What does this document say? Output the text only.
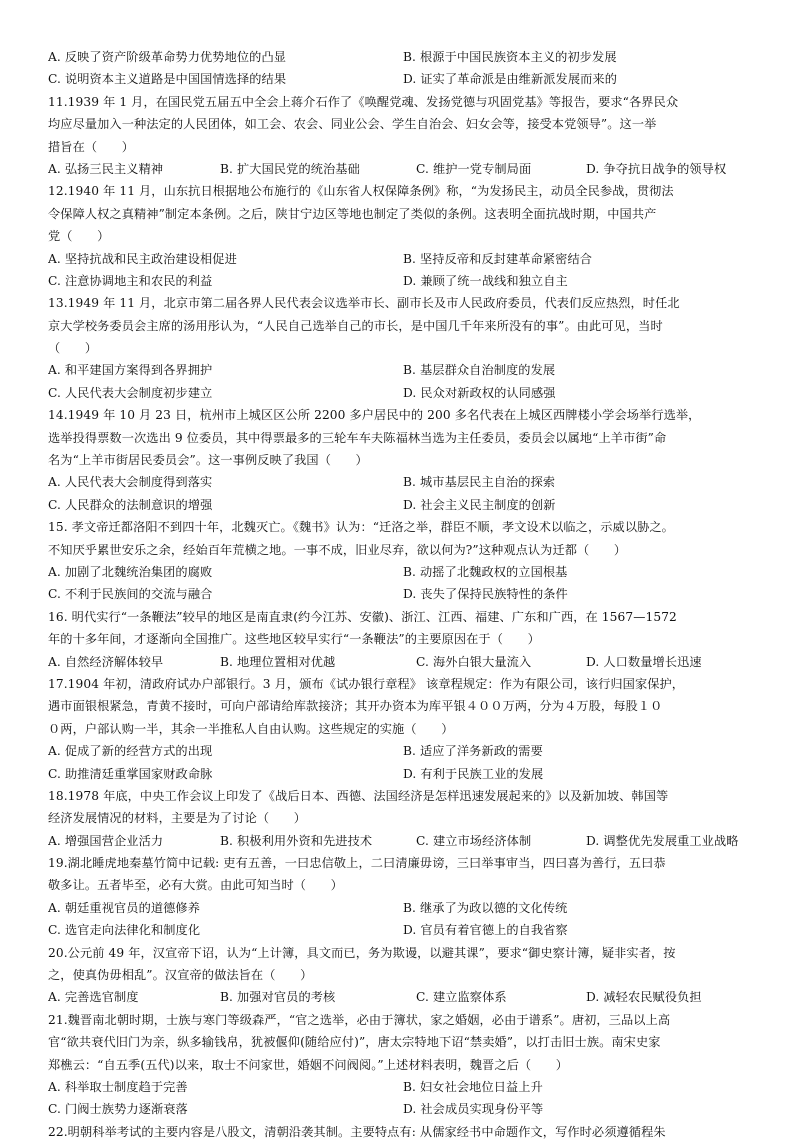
A. 反映了资产阶级革命势力优势地位的凸显	B. 根源于中国民族资本主义的初步发展
C. 说明资本主义道路是中国国情选择的结果	D. 证实了革命派是由维新派发展而来的
11.1939 年 1 月，在国民党五届五中全会上蒋介石作了《唤醒党魂、发扬党德与巩固党基》等报告，要求“各界民众
均应尽量加入一种法定的人民团体，如工会、农会、同业公会、学生自治会、妇女会等，接受本党领导”。这一举
措旨在（　　）
A. 弘扬三民主义精神	B. 扩大国民党的统治基础	C. 维护一党专制局面	D. 争夺抗日战争的领导权
12.1940 年 11 月，山东抗日根据地公布施行的《山东省人权保障条例》称，“为发扬民主，动员全民参战，贯彻法
令保障人权之真精神”制定本条例。之后，陕甘宁边区等地也制定了类似的条例。这表明全面抗战时期，中国共产
党（　　）
A. 坚持抗战和民主政治建设相促进	B. 坚持反帝和反封建革命紧密结合
C. 注意协调地主和农民的利益	D. 兼顾了统一战线和独立自主
13.1949 年 11 月，北京市第二届各界人民代表会议选举市长、副市长及市人民政府委员，代表们反应热烈，时任北
京大学校务委员会主席的汤用彤认为，“人民自己选举自己的市长，是中国几千年来所没有的事”。由此可见，当时
（　　）
A. 和平建国方案得到各界拥护	B. 基层群众自治制度的发展
C. 人民代表大会制度初步建立	D. 民众对新政权的认同感强
14.1949 年 10 月 23 日，杭州市上城区区公所 2200 多户居民中的 200 多名代表在上城区西牌楼小学会场举行选举，
选举投得票数一次选出 9 位委员，其中得票最多的三轮车车夫陈福林当选为主任委员，委员会以属地“上羊市街”命
名为“上羊市街居民委员会”。这一事例反映了我国（　　）
A. 人民代表大会制度得到落实	B. 城市基层民主自治的探索
C. 人民群众的法制意识的增强	D. 社会主义民主制度的创新
15. 孝文帝迁都洛阳不到四十年，北魏灭亡。《魏书》认为：“迁洛之举，群臣不顺，孝文设术以临之，示威以胁之。
不知厌乎累世安乐之余，经始百年荒横之地。一事不成，旧业尽弃，欲以何为?”这种观点认为迁都（　　）
A. 加剧了北魏统治集团的腐败	B. 动摇了北魏政权的立国根基
C. 不利于民族间的交流与融合	D. 丧失了保持民族特性的条件
16. 明代实行“一条鞭法”较早的地区是南直隶(约今江苏、安徽)、浙江、江西、福建、广东和广西，在 1567—1572
年的十多年间，才逐渐向全国推广。这些地区较早实行“一条鞭法”的主要原因在于（　　）
A. 自然经济解体较早	B. 地理位置相对优越	C. 海外白银大量流入	D. 人口数量增长迅速
17.1904 年初，清政府试办户部银行。3 月，颁布《试办银行章程》 该章程规定：作为有限公司，该行归国家保护，
遇市面银根紧急，青黄不接时，可向户部请给库款接济；其开办资本为库平银４００万两，分为４万股，每股１０
０两，户部认购一半，其余一半推私人自由认购。这些规定的实施（　　）
A. 促成了新的经营方式的出现	B. 适应了洋务新政的需要
C. 助推清廷重掌国家财政命脉	D. 有利于民族工业的发展
18.1978 年底，中央工作会议上印发了《战后日本、西德、法国经济是怎样迅速发展起来的》以及新加坡、韩国等
经济发展情况的材料，主要是为了讨论（　　）
A. 增强国营企业活力	B. 积极利用外资和先进技术	C. 建立市场经济体制	D. 调整优先发展重工业战略
19.湖北睡虎地秦墓竹简中记载: 吏有五善，一曰忠信敬上，二曰清廉毋谤，三曰举事审当，四曰喜为善行，五曰恭
敬多让。五者毕至，必有大赏。由此可知当时（　　）
A. 朝廷重视官员的道德修养	B. 继承了为政以德的文化传统
C. 选官走向法律化和制度化	D. 官员有着官德上的自我省察
20.公元前 49 年，汉宣帝下诏，认为“上计簿，具文而已，务为欺谩，以避其课”，要求“御史察计簿，疑非实者，按
之，使真伪毋相乱”。汉宣帝的做法旨在（　　）
A. 完善选官制度	B. 加强对官员的考核	C. 建立监察体系	D. 减轻农民赋役负担
21.魏晋南北朝时期，士族与寒门等级森严，“官之选举，必由于簿状，家之婚姻，必由于谱系”。唐初，三品以上高
官“欲共衰代旧门为亲，纵多输钱帛，犹被偃仰(随给应付)”，唐太宗特地下诏“禁卖婚”，以打击旧士族。南宋史家
郑樵云：“自五季(五代)以来，取士不问家世，婚姻不问阀阅。”上述材料表明，魏晋之后（　　）
A. 科举取士制度趋于完善	B. 妇女社会地位日益上升
C. 门阀士族势力逐渐衰落	D. 社会成员实现身份平等
22.明朝科举考试的主要内容是八股文，清朝沿袭其制。主要特点有: 从儒家经书中命题作文，写作时必须遵循程朱
